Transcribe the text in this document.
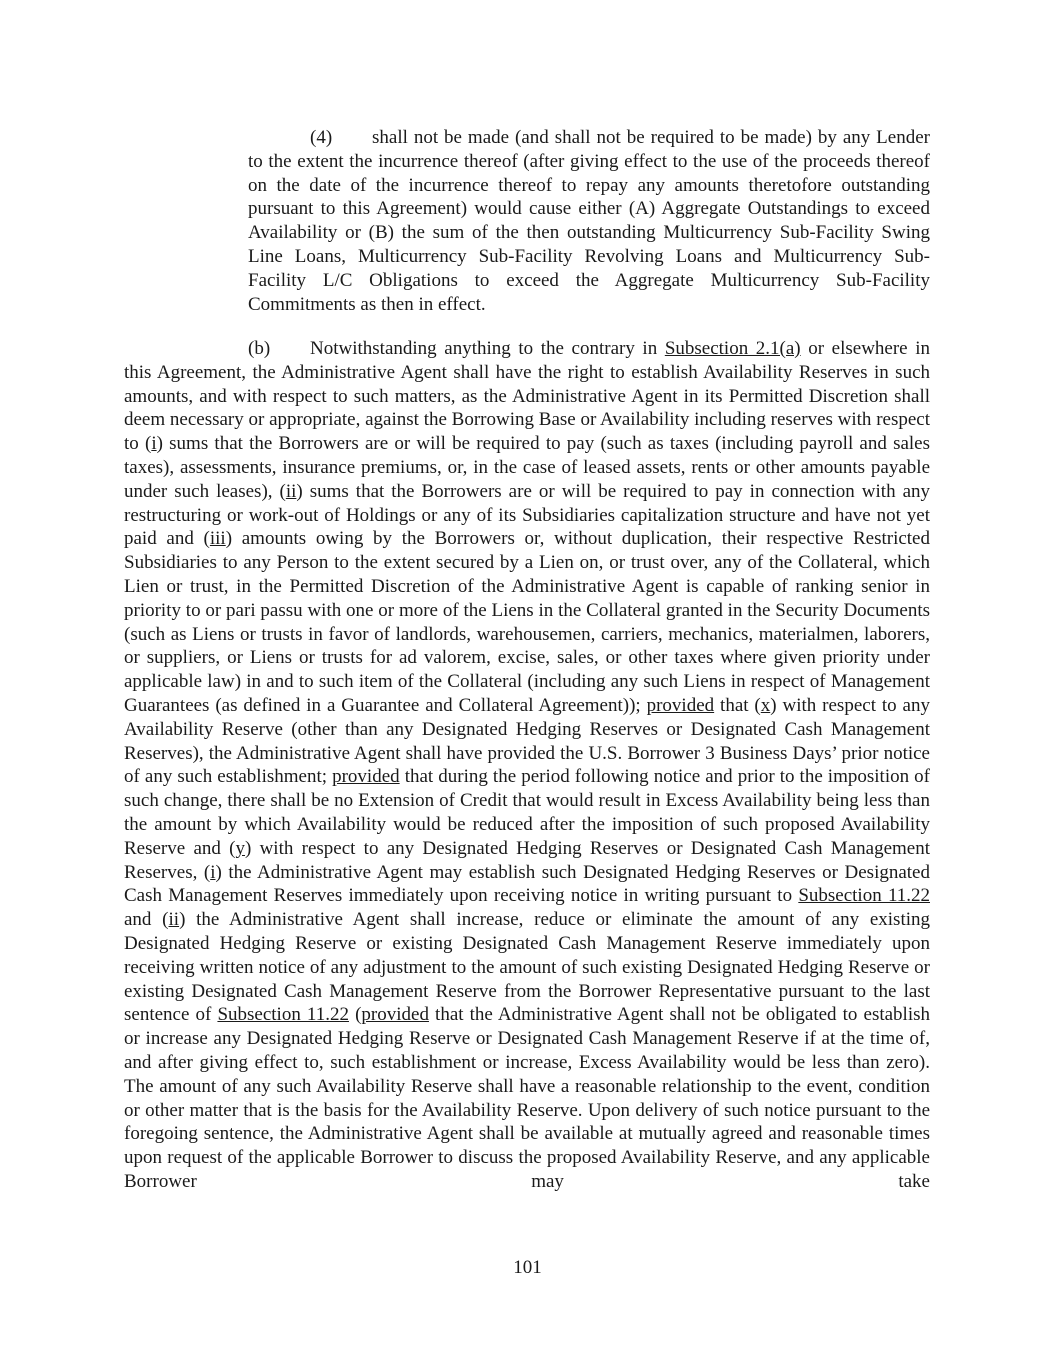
(4) shall not be made (and shall not be required to be made) by any Lender to the extent the incurrence thereof (after giving effect to the use of the proceeds thereof on the date of the incurrence thereof to repay any amounts theretofore outstanding pursuant to this Agreement) would cause either (A) Aggregate Outstandings to exceed Availability or (B) the sum of the then outstanding Multicurrency Sub-Facility Swing Line Loans, Multicurrency Sub-Facility Revolving Loans and Multicurrency Sub-Facility L/C Obligations to exceed the Aggregate Multicurrency Sub-Facility Commitments as then in effect.
(b) Notwithstanding anything to the contrary in Subsection 2.1(a) or elsewhere in this Agreement, the Administrative Agent shall have the right to establish Availability Reserves in such amounts, and with respect to such matters, as the Administrative Agent in its Permitted Discretion shall deem necessary or appropriate, against the Borrowing Base or Availability including reserves with respect to (i) sums that the Borrowers are or will be required to pay (such as taxes (including payroll and sales taxes), assessments, insurance premiums, or, in the case of leased assets, rents or other amounts payable under such leases), (ii) sums that the Borrowers are or will be required to pay in connection with any restructuring or work-out of Holdings or any of its Subsidiaries capitalization structure and have not yet paid and (iii) amounts owing by the Borrowers or, without duplication, their respective Restricted Subsidiaries to any Person to the extent secured by a Lien on, or trust over, any of the Collateral, which Lien or trust, in the Permitted Discretion of the Administrative Agent is capable of ranking senior in priority to or pari passu with one or more of the Liens in the Collateral granted in the Security Documents (such as Liens or trusts in favor of landlords, warehousemen, carriers, mechanics, materialmen, laborers, or suppliers, or Liens or trusts for ad valorem, excise, sales, or other taxes where given priority under applicable law) in and to such item of the Collateral (including any such Liens in respect of Management Guarantees (as defined in a Guarantee and Collateral Agreement)); provided that (x) with respect to any Availability Reserve (other than any Designated Hedging Reserves or Designated Cash Management Reserves), the Administrative Agent shall have provided the U.S. Borrower 3 Business Days’ prior notice of any such establishment; provided that during the period following notice and prior to the imposition of such change, there shall be no Extension of Credit that would result in Excess Availability being less than the amount by which Availability would be reduced after the imposition of such proposed Availability Reserve and (y) with respect to any Designated Hedging Reserves or Designated Cash Management Reserves, (i) the Administrative Agent may establish such Designated Hedging Reserves or Designated Cash Management Reserves immediately upon receiving notice in writing pursuant to Subsection 11.22 and (ii) the Administrative Agent shall increase, reduce or eliminate the amount of any existing Designated Hedging Reserve or existing Designated Cash Management Reserve immediately upon receiving written notice of any adjustment to the amount of such existing Designated Hedging Reserve or existing Designated Cash Management Reserve from the Borrower Representative pursuant to the last sentence of Subsection 11.22 (provided that the Administrative Agent shall not be obligated to establish or increase any Designated Hedging Reserve or Designated Cash Management Reserve if at the time of, and after giving effect to, such establishment or increase, Excess Availability would be less than zero). The amount of any such Availability Reserve shall have a reasonable relationship to the event, condition or other matter that is the basis for the Availability Reserve. Upon delivery of such notice pursuant to the foregoing sentence, the Administrative Agent shall be available at mutually agreed and reasonable times upon request of the applicable Borrower to discuss the proposed Availability Reserve, and any applicable Borrower may take
101
